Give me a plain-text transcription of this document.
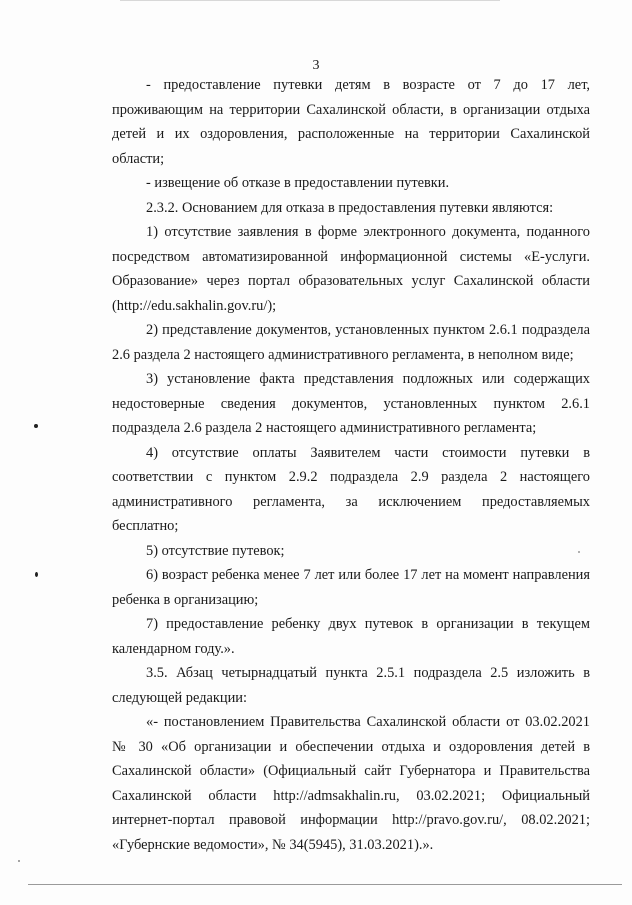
3

- предоставление путевки детям в возрасте от 7 до 17 лет, проживающим на территории Сахалинской области, в организации отдыха детей и их оздоровления, расположенные на территории Сахалинской области;

- извещение об отказе в предоставлении путевки.

2.3.2. Основанием для отказа в предоставления путевки являются:

1) отсутствие заявления в форме электронного документа, поданного посредством автоматизированной информационной системы «Е-услуги. Образование» через портал образовательных услуг Сахалинской области (http://edu.sakhalin.gov.ru/);

2) представление документов, установленных пунктом 2.6.1 подраздела 2.6 раздела 2 настоящего административного регламента, в неполном виде;

3) установление факта представления подложных или содержащих недостоверные сведения документов, установленных пунктом 2.6.1 подраздела 2.6 раздела 2 настоящего административного регламента;

4) отсутствие оплаты Заявителем части стоимости путевки в соответствии с пунктом 2.9.2 подраздела 2.9 раздела 2 настоящего административного регламента, за исключением предоставляемых бесплатно;

5) отсутствие путевок;

6) возраст ребенка менее 7 лет или более 17 лет на момент направления ребенка в организацию;

7) предоставление ребенку двух путевок в организации в текущем календарном году.».

3.5. Абзац четырнадцатый пункта 2.5.1 подраздела 2.5 изложить в следующей редакции:

«- постановлением Правительства Сахалинской области от 03.02.2021 № 30 «Об организации и обеспечении отдыха и оздоровления детей в Сахалинской области» (Официальный сайт Губернатора и Правительства Сахалинской области http://admsakhalin.ru, 03.02.2021; Официальный интернет-портал правовой информации http://pravo.gov.ru/, 08.02.2021; «Губернские ведомости», № 34(5945), 31.03.2021).».
